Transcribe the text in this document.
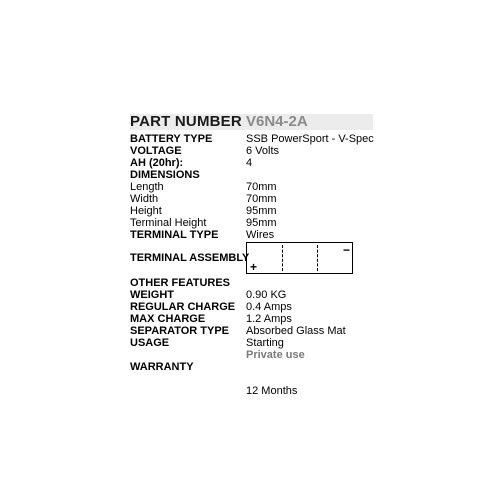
PART NUMBER V6N4-2A
BATTERY TYPE	SSB PowerSport - V-Spec
VOLTAGE	6 Volts
AH (20hr):	4
DIMENSIONS
Length	70mm
Width	70mm
Height	95mm
Terminal Height	95mm
TERMINAL TYPE	Wires
TERMINAL ASSEMBLY
−
+
OTHER FEATURES
WEIGHT	0.90 KG
REGULAR CHARGE 0.4 Amps
MAX CHARGE	1.2 Amps
SEPARATOR TYPE Absorbed Glass Mat
USAGE	Starting
Private use
WARRANTY
12 Months
